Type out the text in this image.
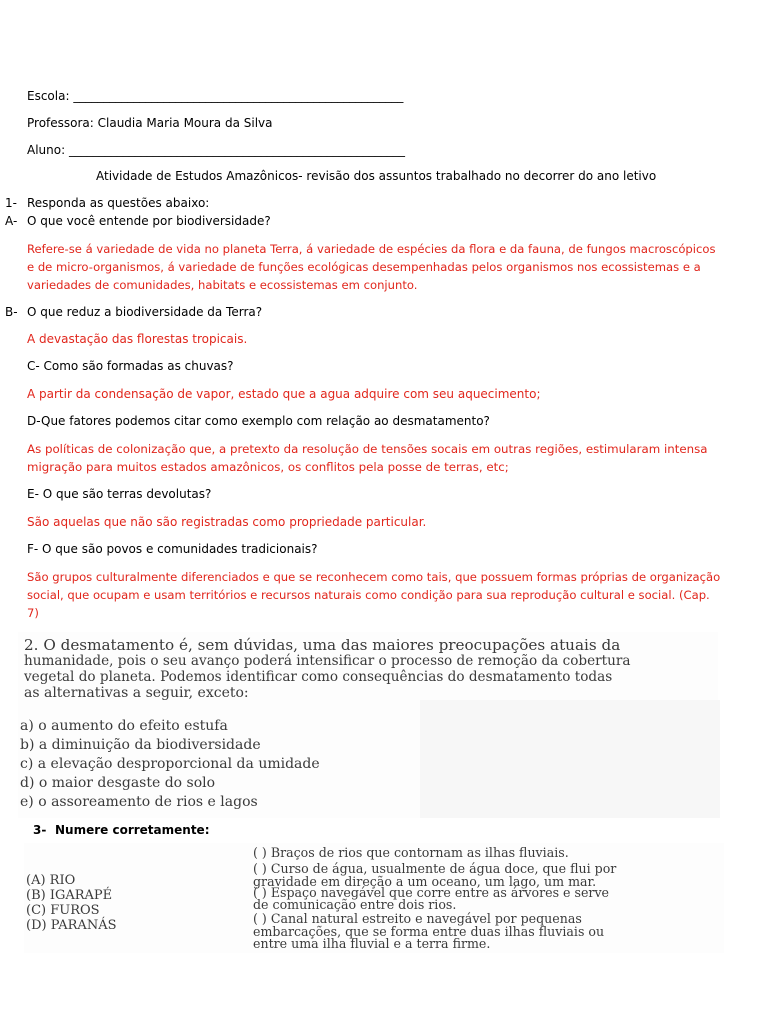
Escola: _______________________________________________________
Professora: Claudia Maria Moura da Silva
Aluno: ________________________________________________________
Atividade de Estudos Amazônicos- revisão dos assuntos trabalhado no decorrer do ano letivo
1- Responda as questões abaixo:
A- O que você entende por biodiversidade?
Refere-se á variedade de vida no planeta Terra, á variedade de espécies da flora e da fauna, de fungos macroscópicos
e de micro-organismos, á variedade de funções ecológicas desempenhadas pelos organismos nos ecossistemas e a
variedades de comunidades, habitats e ecossistemas em conjunto.
B- O que reduz a biodiversidade da Terra?
A devastação das florestas tropicais.
C- Como são formadas as chuvas?
A partir da condensação de vapor, estado que a agua adquire com seu aquecimento;
D-Que fatores podemos citar como exemplo com relação ao desmatamento?
As políticas de colonização que, a pretexto da resolução de tensões socais em outras regiões, estimularam intensa
migração para muitos estados amazônicos, os conflitos pela posse de terras, etc;
E- O que são terras devolutas?
São aquelas que não são registradas como propriedade particular.
F- O que são povos e comunidades tradicionais?
São grupos culturalmente diferenciados e que se reconhecem como tais, que possuem formas próprias de organização
social, que ocupam e usam territórios e recursos naturais como condição para sua reprodução cultural e social. (Cap.
7)
2. O desmatamento é, sem dúvidas, uma das maiores preocupações atuais da
humanidade, pois o seu avanço poderá intensificar o processo de remoção da cobertura
vegetal do planeta. Podemos identificar como consequências do desmatamento todas
as alternativas a seguir, exceto:
a) o aumento do efeito estufa
b) a diminuição da biodiversidade
c) a elevação desproporcional da umidade
d) o maior desgaste do solo
e) o assoreamento de rios e lagos
3- Numere corretamente:
(A) RIO
(B) IGARAPÉ
(C) FUROS
(D) PARANÁS
( ) Braços de rios que contornam as ilhas fluviais.
( ) Curso de água, usualmente de água doce, que flui por
gravidade em direção a um oceano, um lago, um mar.
( ) Espaço navegável que corre entre as árvores e serve
de comunicação entre dois rios.
( ) Canal natural estreito e navegável por pequenas
embarcações, que se forma entre duas ilhas fluviais ou
entre uma ilha fluvial e a terra firme.
